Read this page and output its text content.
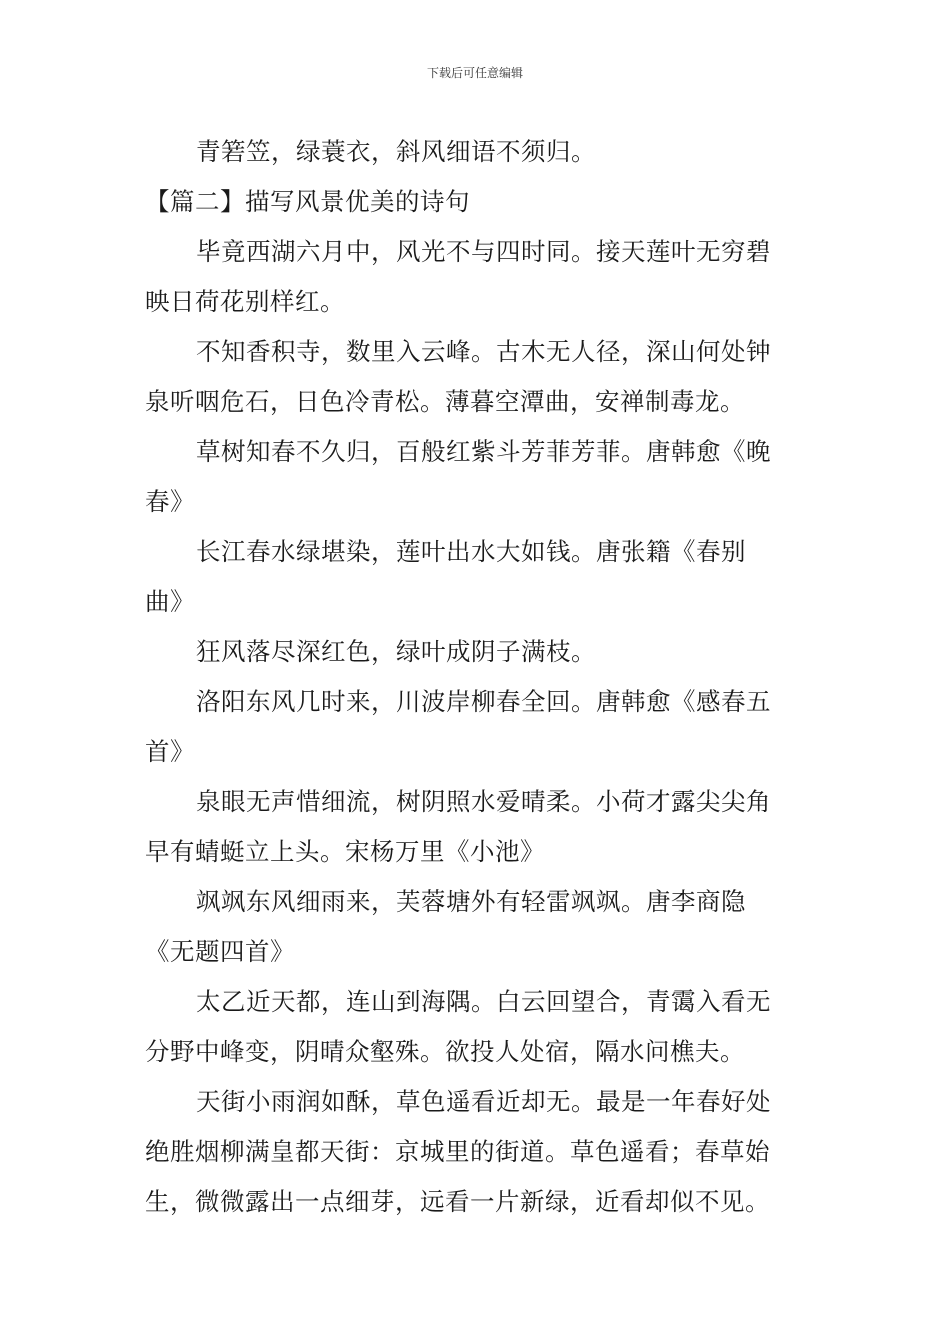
下载后可任意编辑
青箬笠，绿蓑衣，斜风细语不须归。
【篇二】描写风景优美的诗句
毕竟西湖六月中，风光不与四时同。接天莲叶无穷碧
映日荷花别样红。
不知香积寺，数里入云峰。古木无人径，深山何处钟
泉听咽危石，日色冷青松。薄暮空潭曲，安禅制毒龙。
草树知春不久归，百般红紫斗芳菲芳菲。唐韩愈《晚
春》
长江春水绿堪染，莲叶出水大如钱。唐张籍《春别
曲》
狂风落尽深红色，绿叶成阴子满枝。
洛阳东风几时来，川波岸柳春全回。唐韩愈《感春五
首》
泉眼无声惜细流，树阴照水爱晴柔。小荷才露尖尖角
早有蜻蜓立上头。宋杨万里《小池》
飒飒东风细雨来，芙蓉塘外有轻雷飒飒。唐李商隐
《无题四首》
太乙近天都，连山到海隅。白云回望合，青霭入看无
分野中峰变，阴晴众壑殊。欲投人处宿，隔水问樵夫。
天街小雨润如酥，草色遥看近却无。最是一年春好处
绝胜烟柳满皇都天街：京城里的街道。草色遥看；春草始
生，微微露出一点细芽，远看一片新绿，近看却似不见。
